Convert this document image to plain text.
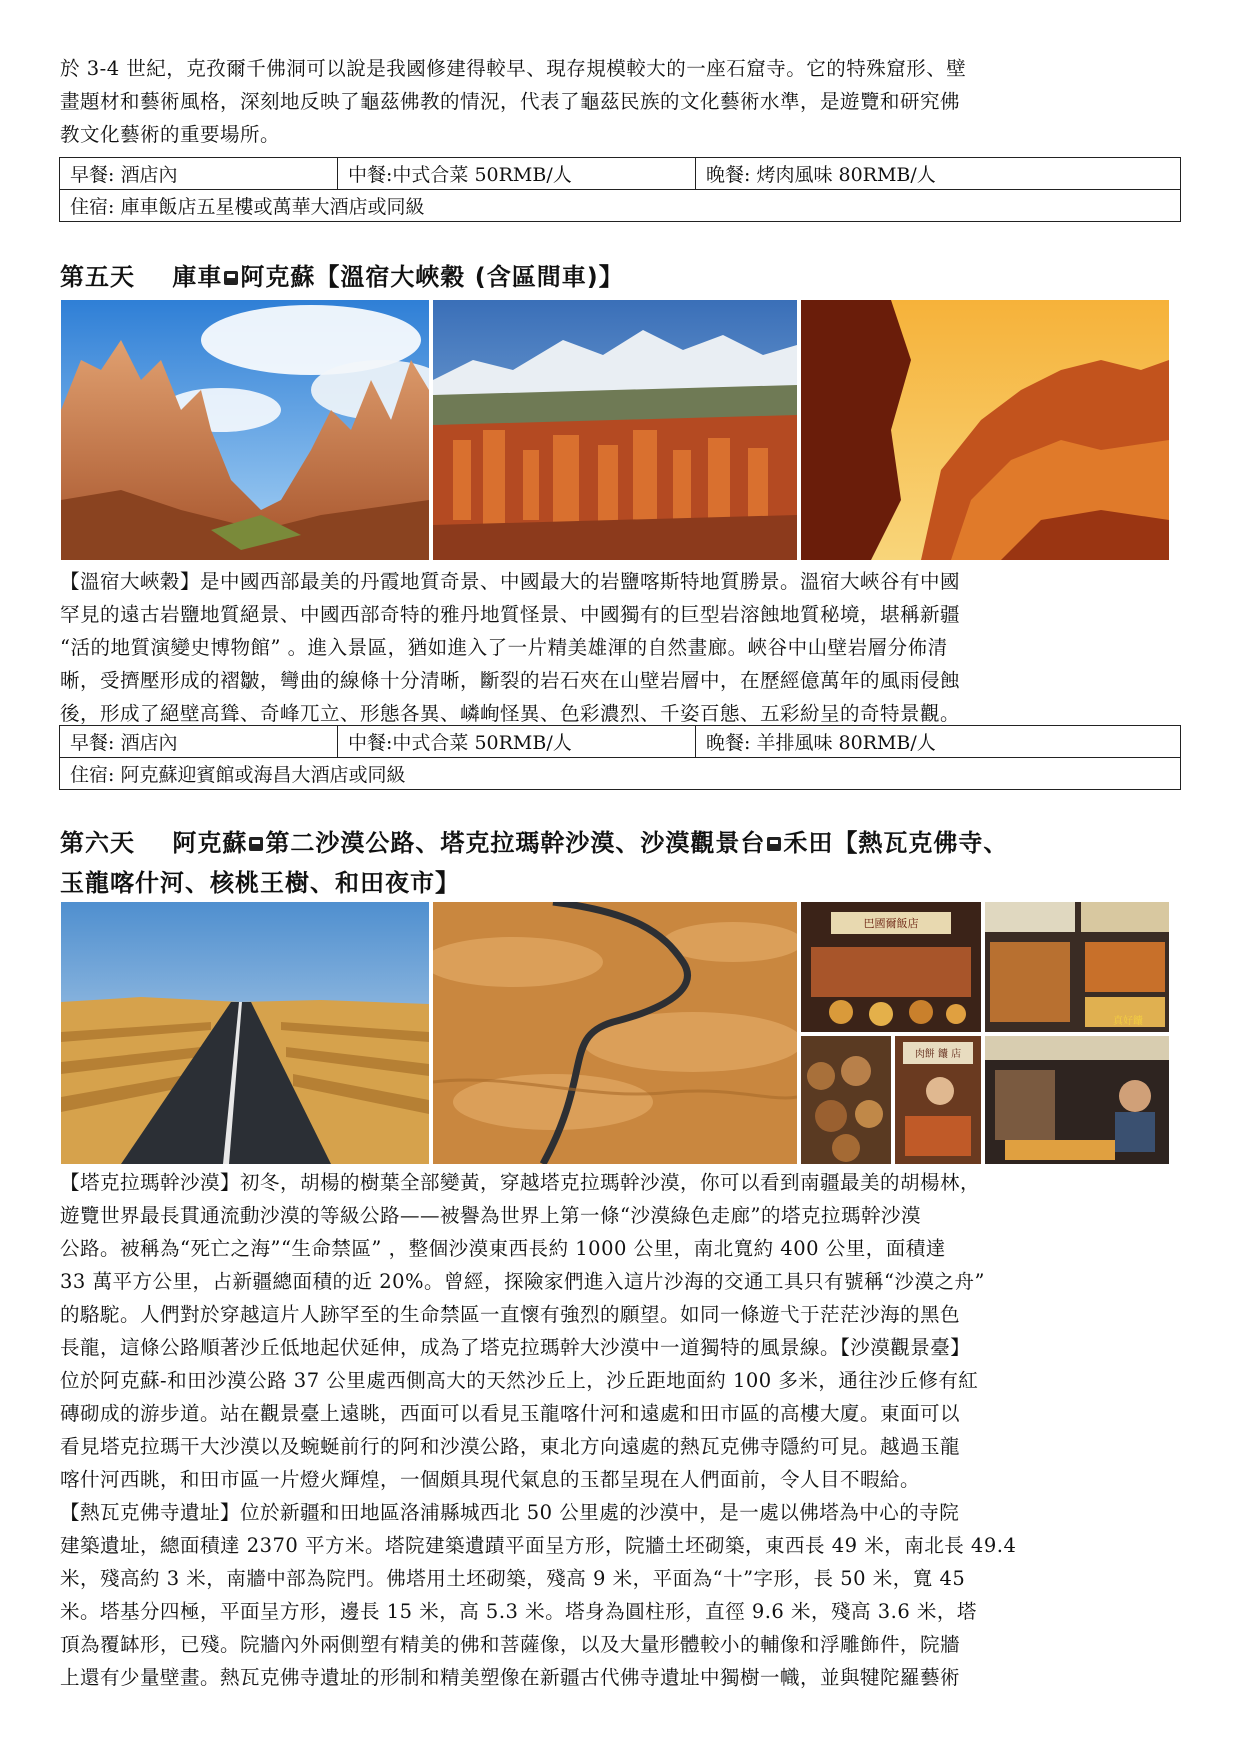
於 3-4 世紀，克孜爾千佛洞可以說是我國修建得較早、現存規模較大的一座石窟寺。它的特殊窟形、壁

畫題材和藝術風格，深刻地反映了龜茲佛教的情況，代表了龜茲民族的文化藝術水準，是遊覽和研究佛

教文化藝術的重要場所。

早餐: 酒店內	中餐:中式合菜 50RMB/人	晚餐: 烤肉風味 80RMB/人
住宿: 庫車飯店五星樓或萬華大酒店或同級
第五天 庫車 阿克蘇【溫宿大峽穀 (含區間車)】

【溫宿大峽穀】是中國西部最美的丹霞地質奇景、中國最大的岩鹽喀斯特地質勝景。溫宿大峽谷有中國

罕見的遠古岩鹽地質絕景、中國西部奇特的雅丹地質怪景、中國獨有的巨型岩溶蝕地質秘境，堪稱新疆

“活的地質演變史博物館” 。進入景區，猶如進入了一片精美雄渾的自然畫廊。峽谷中山壁岩層分佈清

晰，受擠壓形成的褶皺，彎曲的線條十分清晰，斷裂的岩石夾在山壁岩層中，在歷經億萬年的風雨侵蝕

後，形成了絕壁高聳、奇峰兀立、形態各異、嶙峋怪異、色彩濃烈、千姿百態、五彩紛呈的奇特景觀。

早餐: 酒店內	中餐:中式合菜 50RMB/人	晚餐: 羊排風味 80RMB/人
住宿: 阿克蘇迎賓館或海昌大酒店或同級
第六天 阿克蘇 第二沙漠公路、塔克拉瑪幹沙漠、沙漠觀景台 禾田【熱瓦克佛寺、
玉龍喀什河、核桃王樹、和田夜市】
巴國爾飯店
真好饢
肉餅 饢 店

【塔克拉瑪幹沙漠】初冬，胡楊的樹葉全部變黃，穿越塔克拉瑪幹沙漠，你可以看到南疆最美的胡楊林，

遊覽世界最長貫通流動沙漠的等級公路——被譽為世界上第一條“沙漠綠色走廊”的塔克拉瑪幹沙漠

公路。被稱為“死亡之海”“生命禁區” ，整個沙漠東西長約 1000 公里，南北寬約 400 公里，面積達

33 萬平方公里，占新疆總面積的近 20%。曾經，探險家們進入這片沙海的交通工具只有號稱“沙漠之舟”

的駱駝。人們對於穿越這片人跡罕至的生命禁區一直懷有強烈的願望。如同一條遊弋于茫茫沙海的黑色

長龍，這條公路順著沙丘低地起伏延伸，成為了塔克拉瑪幹大沙漠中一道獨特的風景線。【沙漠觀景臺】

位於阿克蘇-和田沙漠公路 37 公里處西側高大的天然沙丘上，沙丘距地面約 100 多米，通往沙丘修有紅

磚砌成的游步道。站在觀景臺上遠眺，西面可以看見玉龍喀什河和遠處和田市區的高樓大廈。東面可以

看見塔克拉瑪干大沙漠以及蜿蜒前行的阿和沙漠公路，東北方向遠處的熱瓦克佛寺隱約可見。越過玉龍

喀什河西眺，和田市區一片燈火輝煌，一個頗具現代氣息的玉都呈現在人們面前，令人目不暇給。

【熱瓦克佛寺遺址】位於新疆和田地區洛浦縣城西北 50 公里處的沙漠中，是一處以佛塔為中心的寺院

建築遺址，總面積達 2370 平方米。塔院建築遺蹟平面呈方形，院牆土坯砌築，東西長 49 米，南北長 49.4

米，殘高約 3 米，南牆中部為院門。佛塔用土坯砌築，殘高 9 米，平面為“十”字形，長 50 米，寬 45

米。塔基分四極，平面呈方形，邊長 15 米，高 5.3 米。塔身為圓柱形，直徑 9.6 米，殘高 3.6 米，塔

頂為覆缽形，已殘。院牆內外兩側塑有精美的佛和菩薩像，以及大量形體較小的輔像和浮雕飾件，院牆

上還有少量壁畫。熱瓦克佛寺遺址的形制和精美塑像在新疆古代佛寺遺址中獨樹一幟，並與犍陀羅藝術
